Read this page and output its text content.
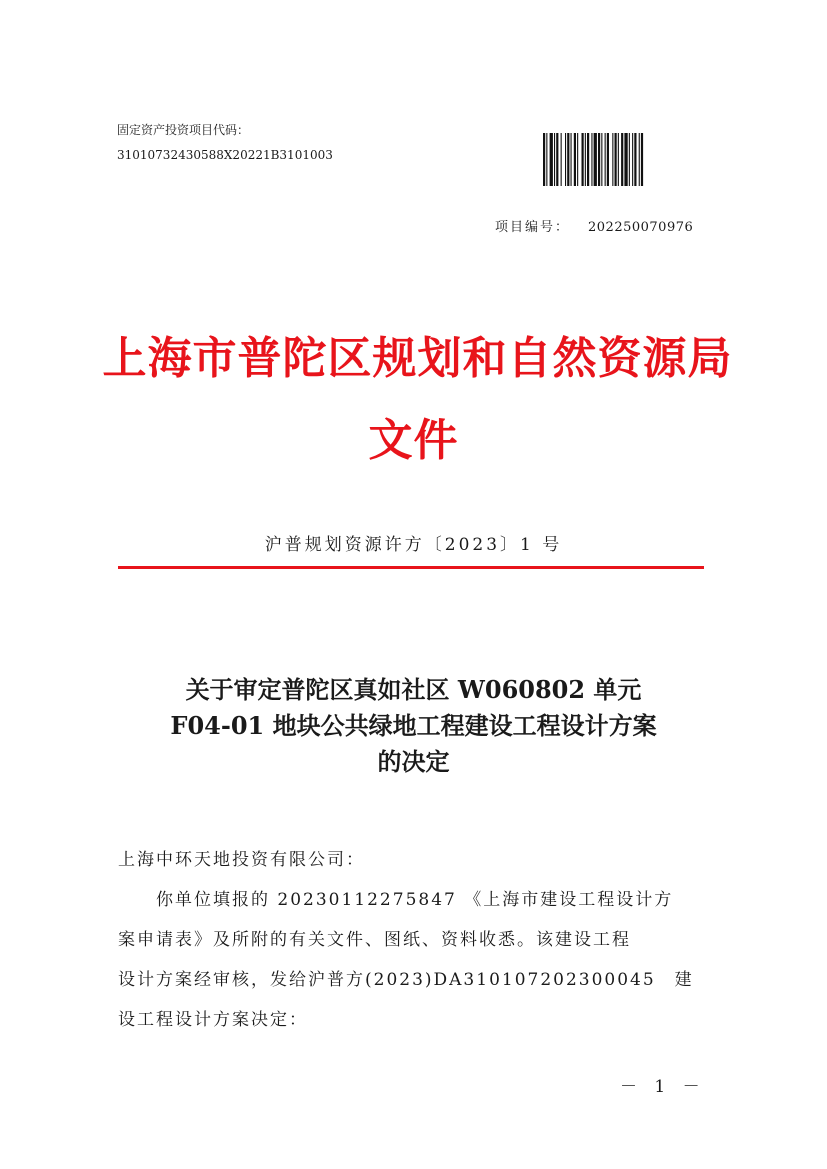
固定资产投资项目代码：
31010732430588X20221B3101003
项目编号： 202250070976
上海市普陀区规划和自然资源局
文件
沪普规划资源许方〔2023〕1 号
关于审定普陀区真如社区 W060802 单元
F04-01 地块公共绿地工程建设工程设计方案
的决定
上海中环天地投资有限公司：
你单位填报的 20230112275847 《上海市建设工程设计方
案申请表》及所附的有关文件、图纸、资料收悉。该建设工程
设计方案经审核，发给沪普方(2023)DA310107202300045　建
设工程设计方案决定：
－ 1 －
